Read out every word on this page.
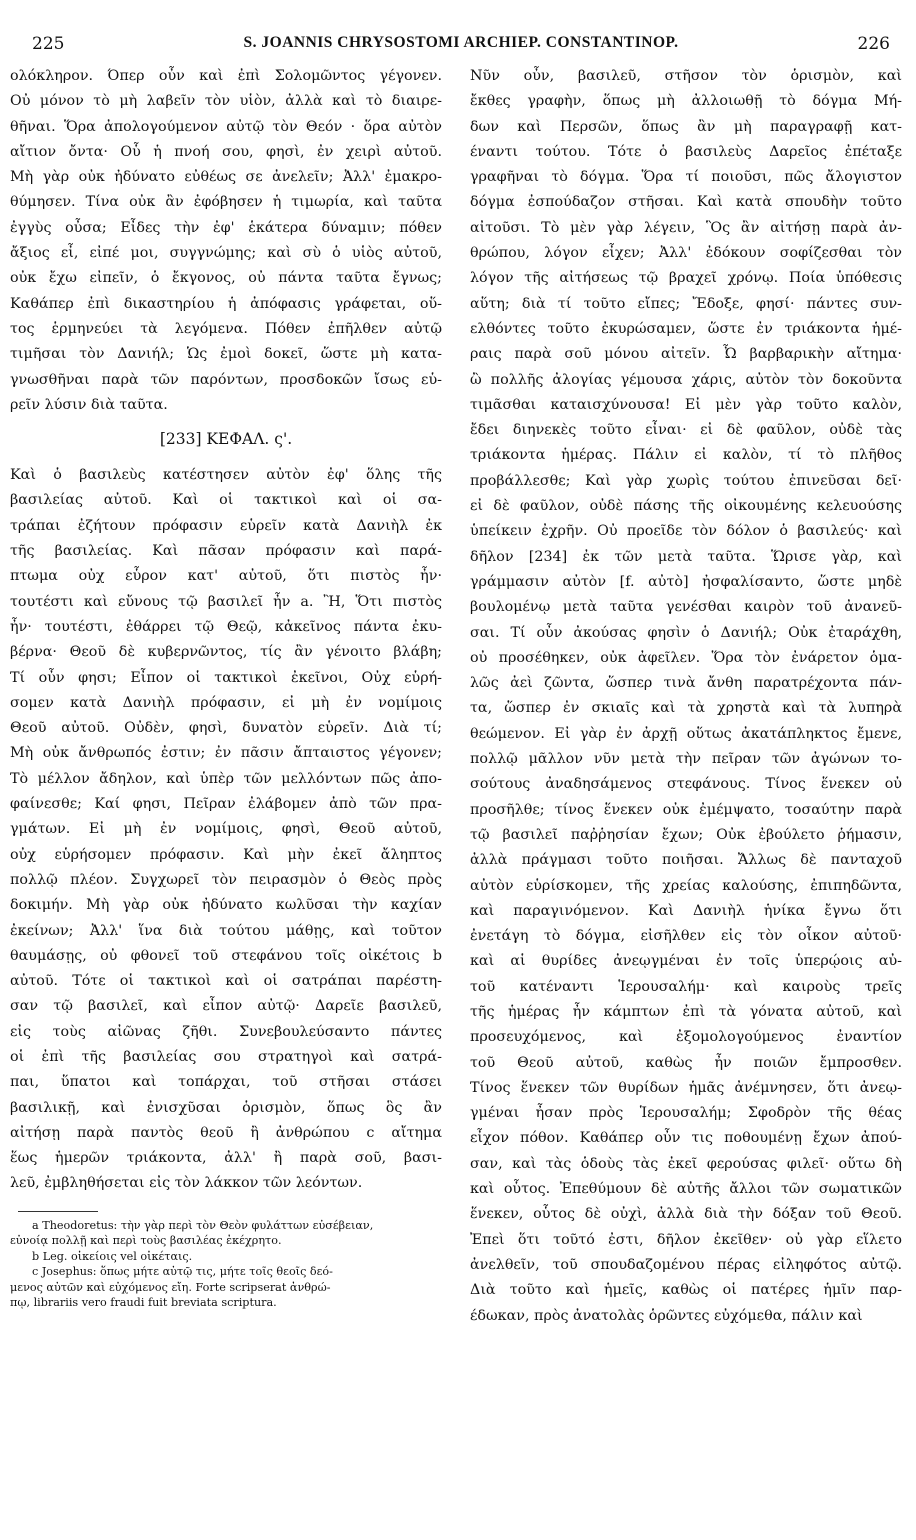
225	S. JOANNIS CHRYSOSTOMI ARCHIEP. CONSTANTINOP.	226
ολόκληρον. Όπερ οὖν καὶ ἐπὶ Σολομῶντος γέγονεν.
Οὐ μόνον τὸ μὴ λαβεῖν τὸν υἱὸν, ἀλλὰ καὶ τὸ διαιρε-
θῆναι. Ὅρα ἀπολογούμενον αὐτῷ τὸν Θεόν · ὅρα αὐτὸν
αἴτιον ὄντα· Οὗ ἡ πνοή σου, φησὶ, ἐν χειρὶ αὐτοῦ.
Μὴ γὰρ οὐκ ἠδύνατο εὐθέως σε ἀνελεῖν; Ἀλλ' ἐμακρο-
θύμησεν. Τίνα οὐκ ἂν ἐφόβησεν ἡ τιμωρία, καὶ ταῦτα
ἐγγὺς οὖσα; Εἶδες τὴν ἐφ' ἑκάτερα δύναμιν; πόθεν
ἄξιος εἶ, εἰπέ μοι, συγγνώμης; καὶ σὺ ὁ υἱὸς αὐτοῦ,
οὐκ ἔχω εἰπεῖν, ὁ ἔκγονος, οὐ πάντα ταῦτα ἔγνως;
Καθάπερ ἐπὶ δικαστηρίου ἡ ἀπόφασις γράφεται, οὕ-
τος ἑρμηνεύει τὰ λεγόμενα. Πόθεν ἐπῆλθεν αὐτῷ
τιμῆσαι τὸν Δανιήλ; Ὡς ἐμοὶ δοκεῖ, ὥστε μὴ κατα-
γνωσθῆναι παρὰ τῶν παρόντων, προσδοκῶν ἴσως εὑ-
ρεῖν λύσιν διὰ ταῦτα.
[233] ΚΕΦΑΛ. ς'.
Καὶ ὁ βασιλεὺς κατέστησεν αὐτὸν ἐφ' ὅλης τῆς
βασιλείας αὐτοῦ. Καὶ οἱ τακτικοὶ καὶ οἱ σα-
τράπαι ἐζήτουν πρόφασιν εὑρεῖν κατὰ Δανιὴλ ἐκ
τῆς βασιλείας. Καὶ πᾶσαν πρόφασιν καὶ παρά-
πτωμα οὐχ εὗρον κατ' αὐτοῦ, ὅτι πιστὸς ἦν·
τουτέστι καὶ εὔνους τῷ βασιλεῖ ἦν a. Ἢ, Ὅτι πιστὸς
ἦν· τουτέστι, ἐθάρρει τῷ Θεῷ, κἀκεῖνος πάντα ἐκυ-
βέρνα· Θεοῦ δὲ κυβερνῶντος, τίς ἂν γένοιτο βλάβη;
Τί οὖν φησι; Εἶπον οἱ τακτικοὶ ἐκεῖνοι, Οὐχ εὑρή-
σομεν κατὰ Δανιὴλ πρόφασιν, εἰ μὴ ἐν νομίμοις
Θεοῦ αὐτοῦ. Οὐδὲν, φησὶ, δυνατὸν εὑρεῖν. Διὰ τί;
Μὴ οὐκ ἄνθρωπός ἐστιν; ἐν πᾶσιν ἄπταιστος γέγονεν;
Τὸ μέλλον ἄδηλον, καὶ ὑπὲρ τῶν μελλόντων πῶς ἀπο-
φαίνεσθε; Καί φησι, Πεῖραν ἐλάβομεν ἀπὸ τῶν πρα-
γμάτων. Εἰ μὴ ἐν νομίμοις, φησὶ, Θεοῦ αὐτοῦ,
οὐχ εὑρήσομεν πρόφασιν. Καὶ μὴν ἐκεῖ ἄληπτος
πολλῷ πλέον. Συγχωρεῖ τὸν πειρασμὸν ὁ Θεὸς πρὸς
δοκιμήν. Μὴ γὰρ οὐκ ἠδύνατο κωλῦσαι τὴν καχίαν
ἐκείνων; Ἀλλ' ἵνα διὰ τούτου μάθῃς, καὶ τοῦτον
θαυμάσῃς, οὐ φθονεῖ τοῦ στεφάνου τοῖς οἰκέτοις b
αὐτοῦ. Τότε οἱ τακτικοὶ καὶ οἱ σατράπαι παρέστη-
σαν τῷ βασιλεῖ, καὶ εἶπον αὐτῷ· Δαρεῖε βασιλεῦ,
εἰς τοὺς αἰῶνας ζῆθι. Συνεβουλεύσαντο πάντες
οἱ ἐπὶ τῆς βασιλείας σου στρατηγοὶ καὶ σατρά-
παι, ὕπατοι καὶ τοπάρχαι, τοῦ στῆσαι στάσει
βασιλικῇ, καὶ ἐνισχῦσαι ὁρισμὸν, ὅπως ὃς ἂν
αἰτήσῃ παρὰ παντὸς θεοῦ ἢ ἀνθρώπου c αἴτημα
ἕως ἡμερῶν τριάκοντα, ἀλλ' ἢ παρὰ σοῦ, βασι-
λεῦ, ἐμβληθήσεται εἰς τὸν λάκκον τῶν λεόντων.
a Theodoretus: τὴν γὰρ περὶ τὸν Θεὸν φυλάττων εὐσέβειαν,
εὐνοίᾳ πολλῇ καὶ περὶ τοὺς βασιλέας ἐκέχρητο.
b Leg. οἰκείοις vel οἰκέταις.
c Josephus: ὅπως μήτε αὐτῷ τις, μήτε τοῖς θεοῖς δεό-
μενος αὐτῶν καὶ εὐχόμενος εἴη. Forte scripserat ἀνθρώ-
πῳ, librariis vero fraudi fuit breviata scriptura.
Νῦν οὖν, βασιλεῦ, στῆσον τὸν ὁρισμὸν, καὶ
ἔκθες γραφὴν, ὅπως μὴ ἀλλοιωθῇ τὸ δόγμα Μή-
δων καὶ Περσῶν, ὅπως ἂν μὴ παραγραφῇ κατ-
έναντι τούτου. Τότε ὁ βασιλεὺς Δαρεῖος ἐπέταξε
γραφῆναι τὸ δόγμα. Ὅρα τί ποιοῦσι, πῶς ἄλογιστον
δόγμα ἐσπούδαζον στῆσαι. Καὶ κατὰ σπουδὴν τοῦτο
αἰτοῦσι. Τὸ μὲν γὰρ λέγειν, Ὃς ἂν αἰτήσῃ παρὰ ἀν-
θρώπου, λόγον εἶχεν; Ἀλλ' ἐδόκουν σοφίζεσθαι τὸν
λόγον τῆς αἰτήσεως τῷ βραχεῖ χρόνῳ. Ποία ὑπόθεσις
αὕτη; διὰ τί τοῦτο εἴπες; Ἔδοξε, φησί· πάντες συν-
ελθόντες τοῦτο ἐκυρώσαμεν, ὥστε ἐν τριάκοντα ἡμέ-
ραις παρὰ σοῦ μόνου αἰτεῖν. Ὦ βαρβαρικὴν αἴτημα·
ὢ πολλῆς ἀλογίας γέμουσα χάρις, αὐτὸν τὸν δοκοῦντα
τιμᾶσθαι καταισχύνουσα! Εἰ μὲν γὰρ τοῦτο καλὸν,
ἔδει διηνεκὲς τοῦτο εἶναι· εἰ δὲ φαῦλον, οὐδὲ τὰς
τριάκοντα ἡμέρας. Πάλιν εἰ καλὸν, τί τὸ πλῆθος
προβάλλεσθε; Καὶ γὰρ χωρὶς τούτου ἐπινεῦσαι δεῖ·
εἰ δὲ φαῦλον, οὐδὲ πάσης τῆς οἰκουμένης κελευούσης
ὑπείκειν ἐχρῆν. Οὐ προεῖδε τὸν δόλον ὁ βασιλεύς· καὶ
δῆλον [234] ἐκ τῶν μετὰ ταῦτα. Ὥρισε γὰρ, καὶ
γράμμασιν αὐτὸν [f. αὐτὸ] ἠσφαλίσαντο, ὥστε μηδὲ
βουλομένῳ μετὰ ταῦτα γενέσθαι καιρὸν τοῦ ἀνανεῦ-
σαι. Τί οὖν ἀκούσας φησὶν ὁ Δανιήλ; Οὐκ ἐταράχθη,
οὐ προσέθηκεν, οὐκ ἀφεῖλεν. Ὅρα τὸν ἐνάρετον ὁμα-
λῶς ἀεὶ ζῶντα, ὥσπερ τινὰ ἄνθη παρατρέχοντα πάν-
τα, ὥσπερ ἐν σκιαῖς καὶ τὰ χρηστὰ καὶ τὰ λυπηρὰ
θεώμενον. Εἰ γὰρ ἐν ἀρχῇ οὕτως ἀκατάπληκτος ἔμενε,
πολλῷ μᾶλλον νῦν μετὰ τὴν πεῖραν τῶν ἀγώνων το-
σούτους ἀναδησάμενος στεφάνους. Τίνος ἕνεκεν οὐ
προσῆλθε; τίνος ἕνεκεν οὐκ ἐμέμψατο, τοσαύτην παρὰ
τῷ βασιλεῖ παῤῥησίαν ἔχων; Οὐκ ἐβούλετο ῥήμασιν,
ἀλλὰ πράγμασι τοῦτο ποιῆσαι. Ἄλλως δὲ πανταχοῦ
αὐτὸν εὑρίσκομεν, τῆς χρείας καλούσης, ἐπιπηδῶντα,
καὶ παραγινόμενον. Καὶ Δανιὴλ ἡνίκα ἔγνω ὅτι
ἐνετάγη τὸ δόγμα, εἰσῆλθεν εἰς τὸν οἶκον αὐτοῦ·
καὶ αἱ θυρίδες ἀνεῳγμέναι ἐν τοῖς ὑπερῴοις αὐ-
τοῦ κατέναντι Ἱερουσαλήμ· καὶ καιροὺς τρεῖς
τῆς ἡμέρας ἦν κάμπτων ἐπὶ τὰ γόνατα αὐτοῦ, καὶ
προσευχόμενος, καὶ ἐξομολογούμενος ἐναντίον
τοῦ Θεοῦ αὐτοῦ, καθὼς ἦν ποιῶν ἔμπροσθεν.
Τίνος ἕνεκεν τῶν θυρίδων ἡμᾶς ἀνέμνησεν, ὅτι ἀνεῳ-
γμέναι ἦσαν πρὸς Ἱερουσαλήμ; Σφοδρὸν τῆς θέας
εἶχον πόθον. Καθάπερ οὖν τις ποθουμένῃ ἔχων ἀπού-
σαν, καὶ τὰς ὁδοὺς τὰς ἐκεῖ φερούσας φιλεῖ· οὕτω δὴ
καὶ οὗτος. Ἐπεθύμουν δὲ αὐτῆς ἄλλοι τῶν σωματικῶν
ἕνεκεν, οὗτος δὲ οὐχὶ, ἀλλὰ διὰ τὴν δόξαν τοῦ Θεοῦ.
Ἐπεὶ ὅτι τοῦτό ἐστι, δῆλον ἐκεῖθεν· οὐ γὰρ εἵλετο
ἀνελθεῖν, τοῦ σπουδαζομένου πέρας εἰληφότος αὐτῷ.
Διὰ τοῦτο καὶ ἡμεῖς, καθὼς οἱ πατέρες ἡμῖν παρ-
έδωκαν, πρὸς ἀνατολὰς ὁρῶντες εὐχόμεθα, πάλιν καὶ
